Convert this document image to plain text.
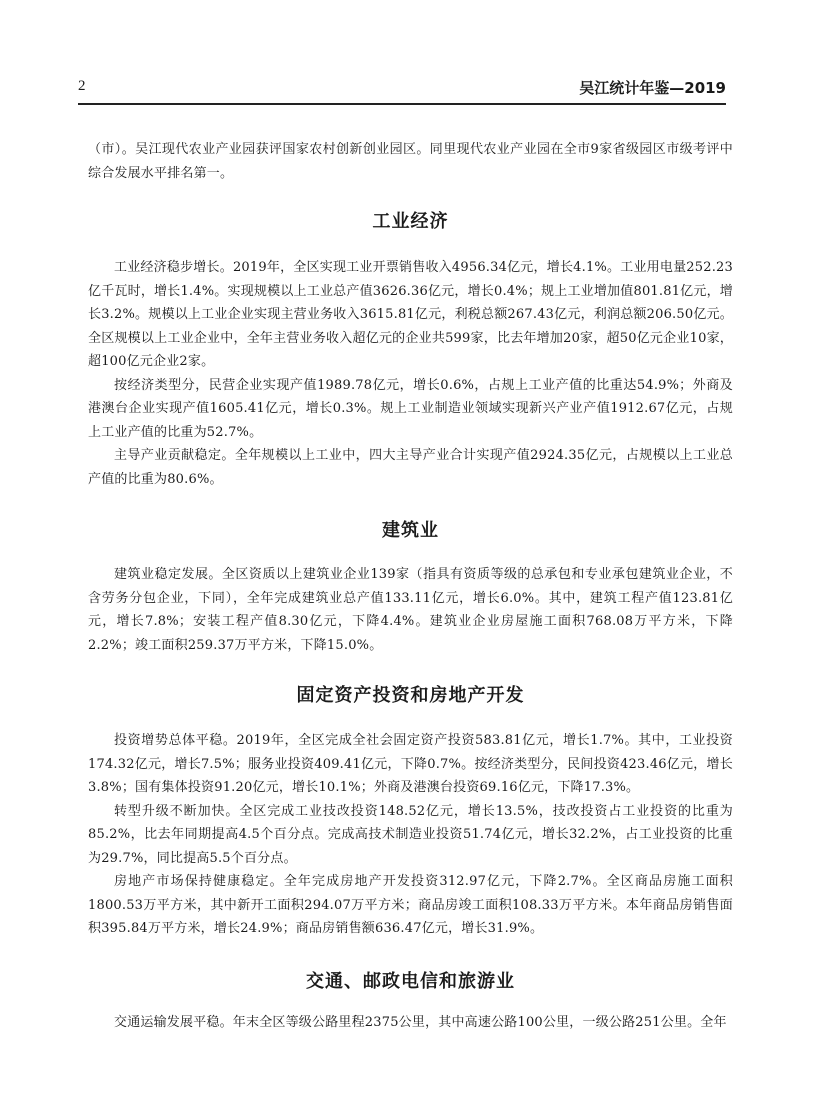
2	吴江统计年鉴—2019

（市）。吴江现代农业产业园获评国家农村创新创业园区。同里现代农业产业园在全市9家省级园区市级考评中综合发展水平排名第一。

工业经济

工业经济稳步增长。2019年，全区实现工业开票销售收入4956.34亿元，增长4.1%。工业用电量252.23亿千瓦时，增长1.4%。实现规模以上工业总产值3626.36亿元，增长0.4%；规上工业增加值801.81亿元，增长3.2%。规模以上工业企业实现主营业务收入3615.81亿元，利税总额267.43亿元，利润总额206.50亿元。全区规模以上工业企业中，全年主营业务收入超亿元的企业共599家，比去年增加20家，超50亿元企业10家，超100亿元企业2家。

按经济类型分，民营企业实现产值1989.78亿元，增长0.6%，占规上工业产值的比重达54.9%；外商及港澳台企业实现产值1605.41亿元，增长0.3%。规上工业制造业领域实现新兴产业产值1912.67亿元，占规上工业产值的比重为52.7%。

主导产业贡献稳定。全年规模以上工业中，四大主导产业合计实现产值2924.35亿元，占规模以上工业总产值的比重为80.6%。

建筑业

建筑业稳定发展。全区资质以上建筑业企业139家（指具有资质等级的总承包和专业承包建筑业企业，不含劳务分包企业，下同），全年完成建筑业总产值133.11亿元，增长6.0%。其中，建筑工程产值123.81亿元，增长7.8%；安装工程产值8.30亿元，下降4.4%。建筑业企业房屋施工面积768.08万平方米，下降2.2%；竣工面积259.37万平方米，下降15.0%。

固定资产投资和房地产开发

投资增势总体平稳。2019年，全区完成全社会固定资产投资583.81亿元，增长1.7%。其中，工业投资174.32亿元，增长7.5%；服务业投资409.41亿元，下降0.7%。按经济类型分，民间投资423.46亿元，增长3.8%；国有集体投资91.20亿元，增长10.1%；外商及港澳台投资69.16亿元，下降17.3%。

转型升级不断加快。全区完成工业技改投资148.52亿元，增长13.5%，技改投资占工业投资的比重为85.2%，比去年同期提高4.5个百分点。完成高技术制造业投资51.74亿元，增长32.2%，占工业投资的比重为29.7%，同比提高5.5个百分点。

房地产市场保持健康稳定。全年完成房地产开发投资312.97亿元，下降2.7%。全区商品房施工面积1800.53万平方米，其中新开工面积294.07万平方米；商品房竣工面积108.33万平方米。本年商品房销售面积395.84万平方米，增长24.9%；商品房销售额636.47亿元，增长31.9%。

交通、邮政电信和旅游业

交通运输发展平稳。年末全区等级公路里程2375公里，其中高速公路100公里，一级公路251公里。全年
